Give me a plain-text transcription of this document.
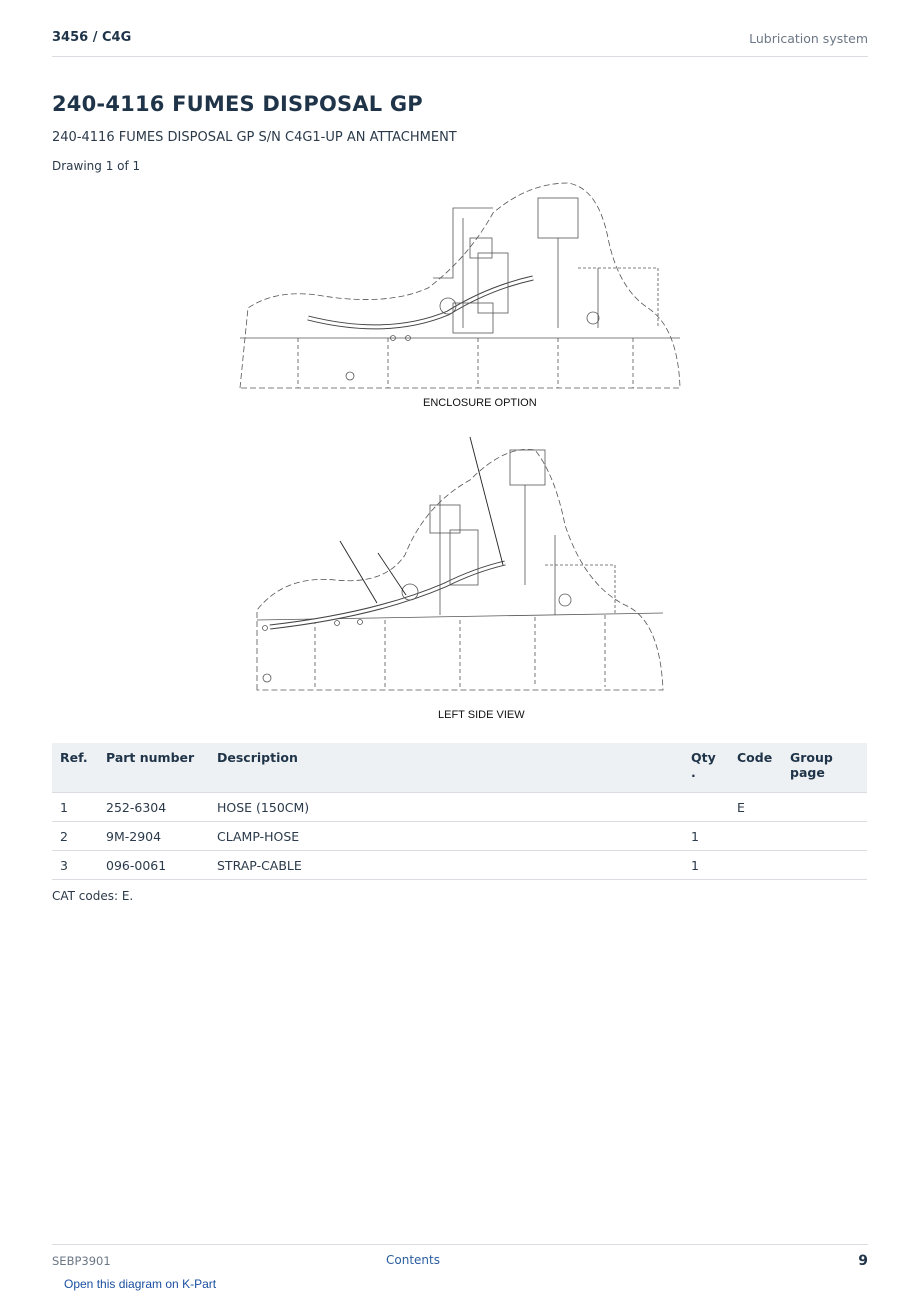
3456 / C4G	Lubrication system
240-4116 FUMES DISPOSAL GP
240-4116 FUMES DISPOSAL GP S/N C4G1-UP AN ATTACHMENT
Drawing 1 of 1
ENCLOSURE OPTION
LEFT SIDE VIEW
Ref.	Part number	Description	Qty .	Code	Group page
1	252-6304	HOSE (150CM)		E	
2	9M-2904	CLAMP-HOSE	1		
3	096-0061	STRAP-CABLE	1		
CAT codes: E.
SEBP3901	Contents	9
Open this diagram on K-Part
